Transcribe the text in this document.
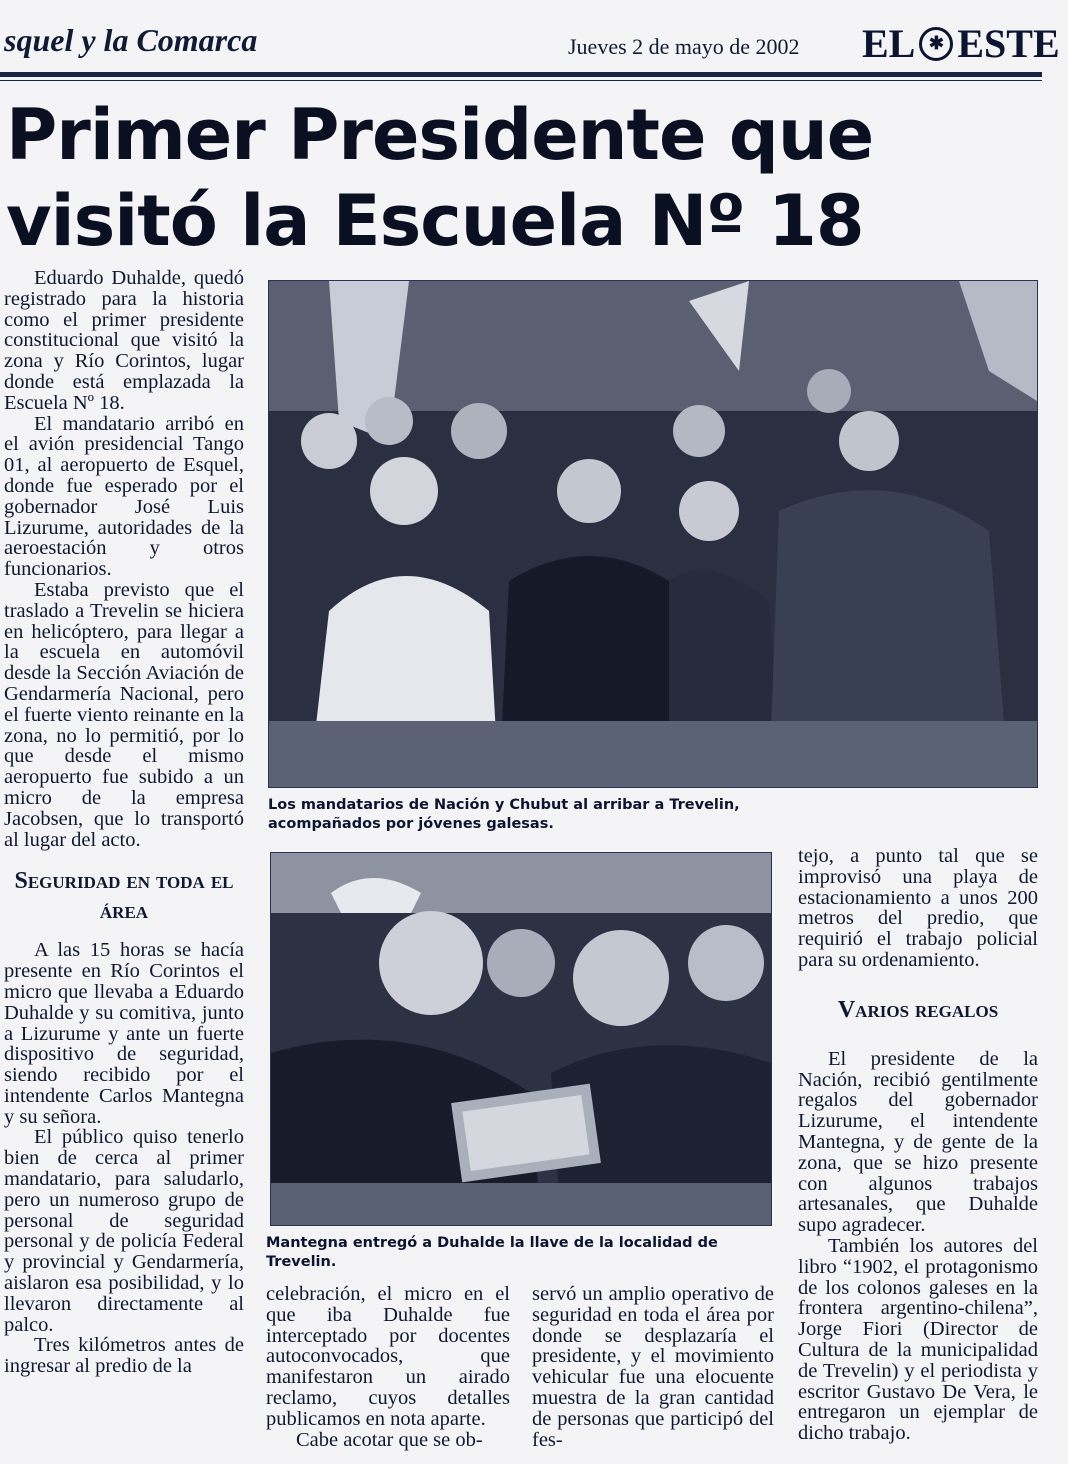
squel y la Comarca	Jueves 2 de mayo de 2002 EL ✱ ESTE
Primer Presidente que visitó la Escuela Nº 18

Eduardo Duhalde, quedó registrado para la historia como el primer presidente constitucional que visitó la zona y Río Corintos, lugar donde está emplazada la Escuela Nº 18.

El mandatario arribó en el avión presidencial Tango 01, al aeropuerto de Esquel, donde fue esperado por el gobernador José Luis Lizurume, autoridades de la aeroestación y otros funcionarios.

Estaba previsto que el traslado a Trevelin se hiciera en helicóptero, para llegar a la escuela en automóvil desde la Sección Aviación de Gendarmería Nacional, pero el fuerte viento reinante en la zona, no lo permitió, por lo que desde el mismo aeropuerto fue subido a un micro de la empresa Jacobsen, que lo transportó al lugar del acto.

Seguridad en toda el área

A las 15 horas se hacía presente en Río Corintos el micro que llevaba a Eduardo Duhalde y su comitiva, junto a Lizurume y ante un fuerte dispositivo de seguridad, siendo recibido por el intendente Carlos Mantegna y su señora.

El público quiso tenerlo bien de cerca al primer mandatario, para saludarlo, pero un numeroso grupo de personal de seguridad personal y de policía Federal y provincial y Gendarmería, aislaron esa posibilidad, y lo llevaron directamente al palco.

Tres kilómetros antes de ingresar al predio de la

Los mandatarios de Nación y Chubut al arribar a Trevelin, acompañados por jóvenes galesas.
Mantegna entregó a Duhalde la llave de la localidad de Trevelin.

celebración, el micro en el que iba Duhalde fue interceptado por docentes autoconvocados, que manifestaron un airado reclamo, cuyos detalles publicamos en nota aparte.

Cabe acotar que se ob-

servó un amplio operativo de seguridad en toda el área por donde se desplazaría el presidente, y el movimiento vehicular fue una elocuente muestra de la gran cantidad de personas que participó del fes-

tejo, a punto tal que se improvisó una playa de estacionamiento a unos 200 metros del predio, que requirió el trabajo policial para su ordenamiento.

Varios regalos

El presidente de la Nación, recibió gentilmente regalos del gobernador Lizurume, el intendente Mantegna, y de gente de la zona, que se hizo presente con algunos trabajos artesanales, que Duhalde supo agradecer.

También los autores del libro “1902, el protagonismo de los colonos galeses en la frontera argentino-chilena”, Jorge Fiori (Director de Cultura de la municipalidad de Trevelin) y el periodista y escritor Gustavo De Vera, le entregaron un ejemplar de dicho trabajo.
